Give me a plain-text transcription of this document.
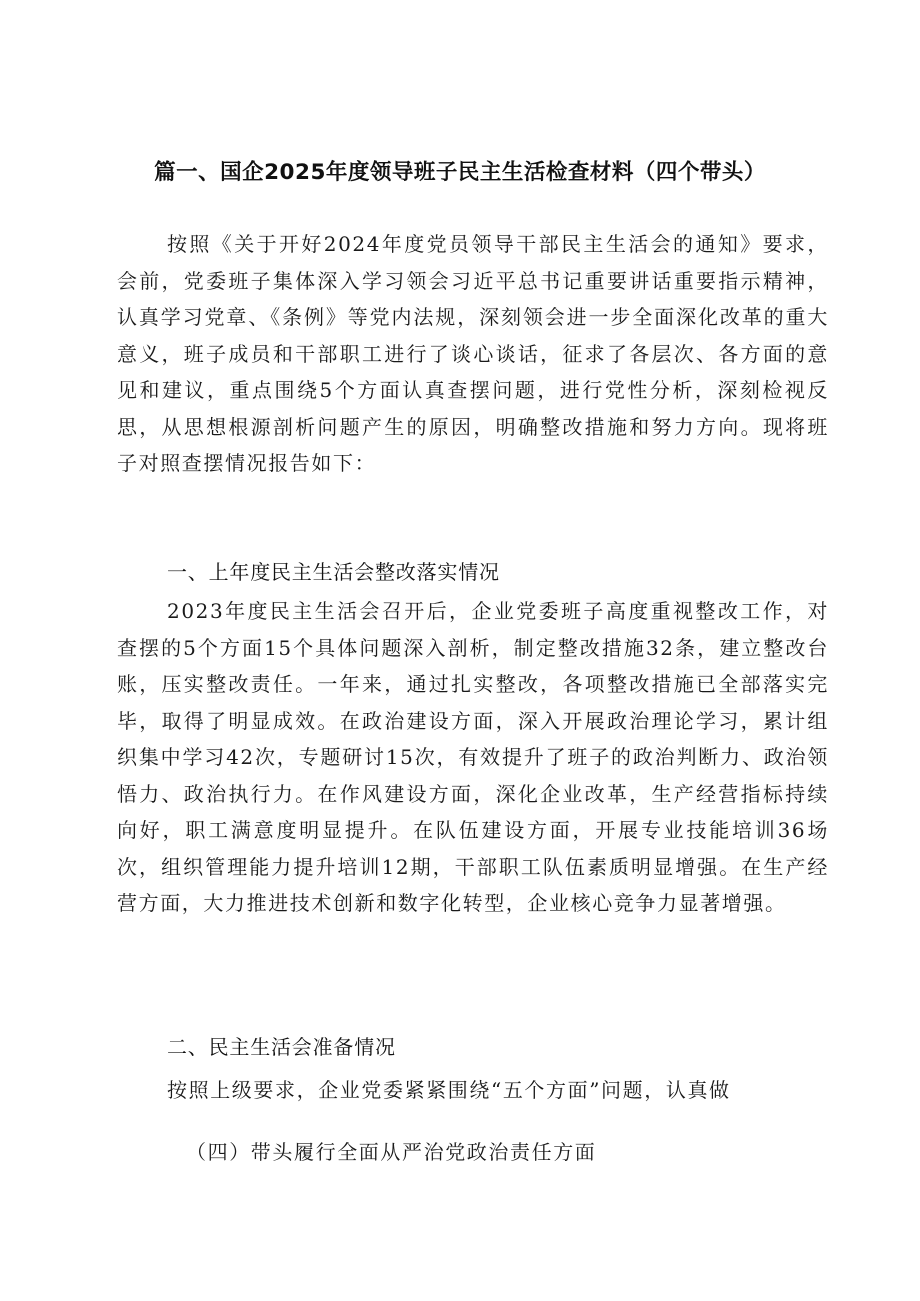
篇一、国企2025年度领导班子民主生活检查材料（四个带头）

按照《关于开好2024年度党员领导干部民主生活会的通知》要求，会前，党委班子集体深入学习领会习近平总书记重要讲话重要指示精神，认真学习党章、《条例》等党内法规，深刻领会进一步全面深化改革的重大意义，班子成员和干部职工进行了谈心谈话，征求了各层次、各方面的意见和建议，重点围绕5个方面认真查摆问题，进行党性分析，深刻检视反思，从思想根源剖析问题产生的原因，明确整改措施和努力方向。现将班子对照查摆情况报告如下：

一、上年度民主生活会整改落实情况

2023年度民主生活会召开后，企业党委班子高度重视整改工作，对查摆的5个方面15个具体问题深入剖析，制定整改措施32条，建立整改台账，压实整改责任。一年来，通过扎实整改，各项整改措施已全部落实完毕，取得了明显成效。在政治建设方面，深入开展政治理论学习，累计组织集中学习42次，专题研讨15次，有效提升了班子的政治判断力、政治领悟力、政治执行力。在作风建设方面，深化企业改革，生产经营指标持续向好，职工满意度明显提升。在队伍建设方面，开展专业技能培训36场次，组织管理能力提升培训12期，干部职工队伍素质明显增强。在生产经营方面，大力推进技术创新和数字化转型，企业核心竞争力显著增强。

二、民主生活会准备情况

按照上级要求，企业党委紧紧围绕“五个方面”问题，认真做

（四）带头履行全面从严治党政治责任方面
